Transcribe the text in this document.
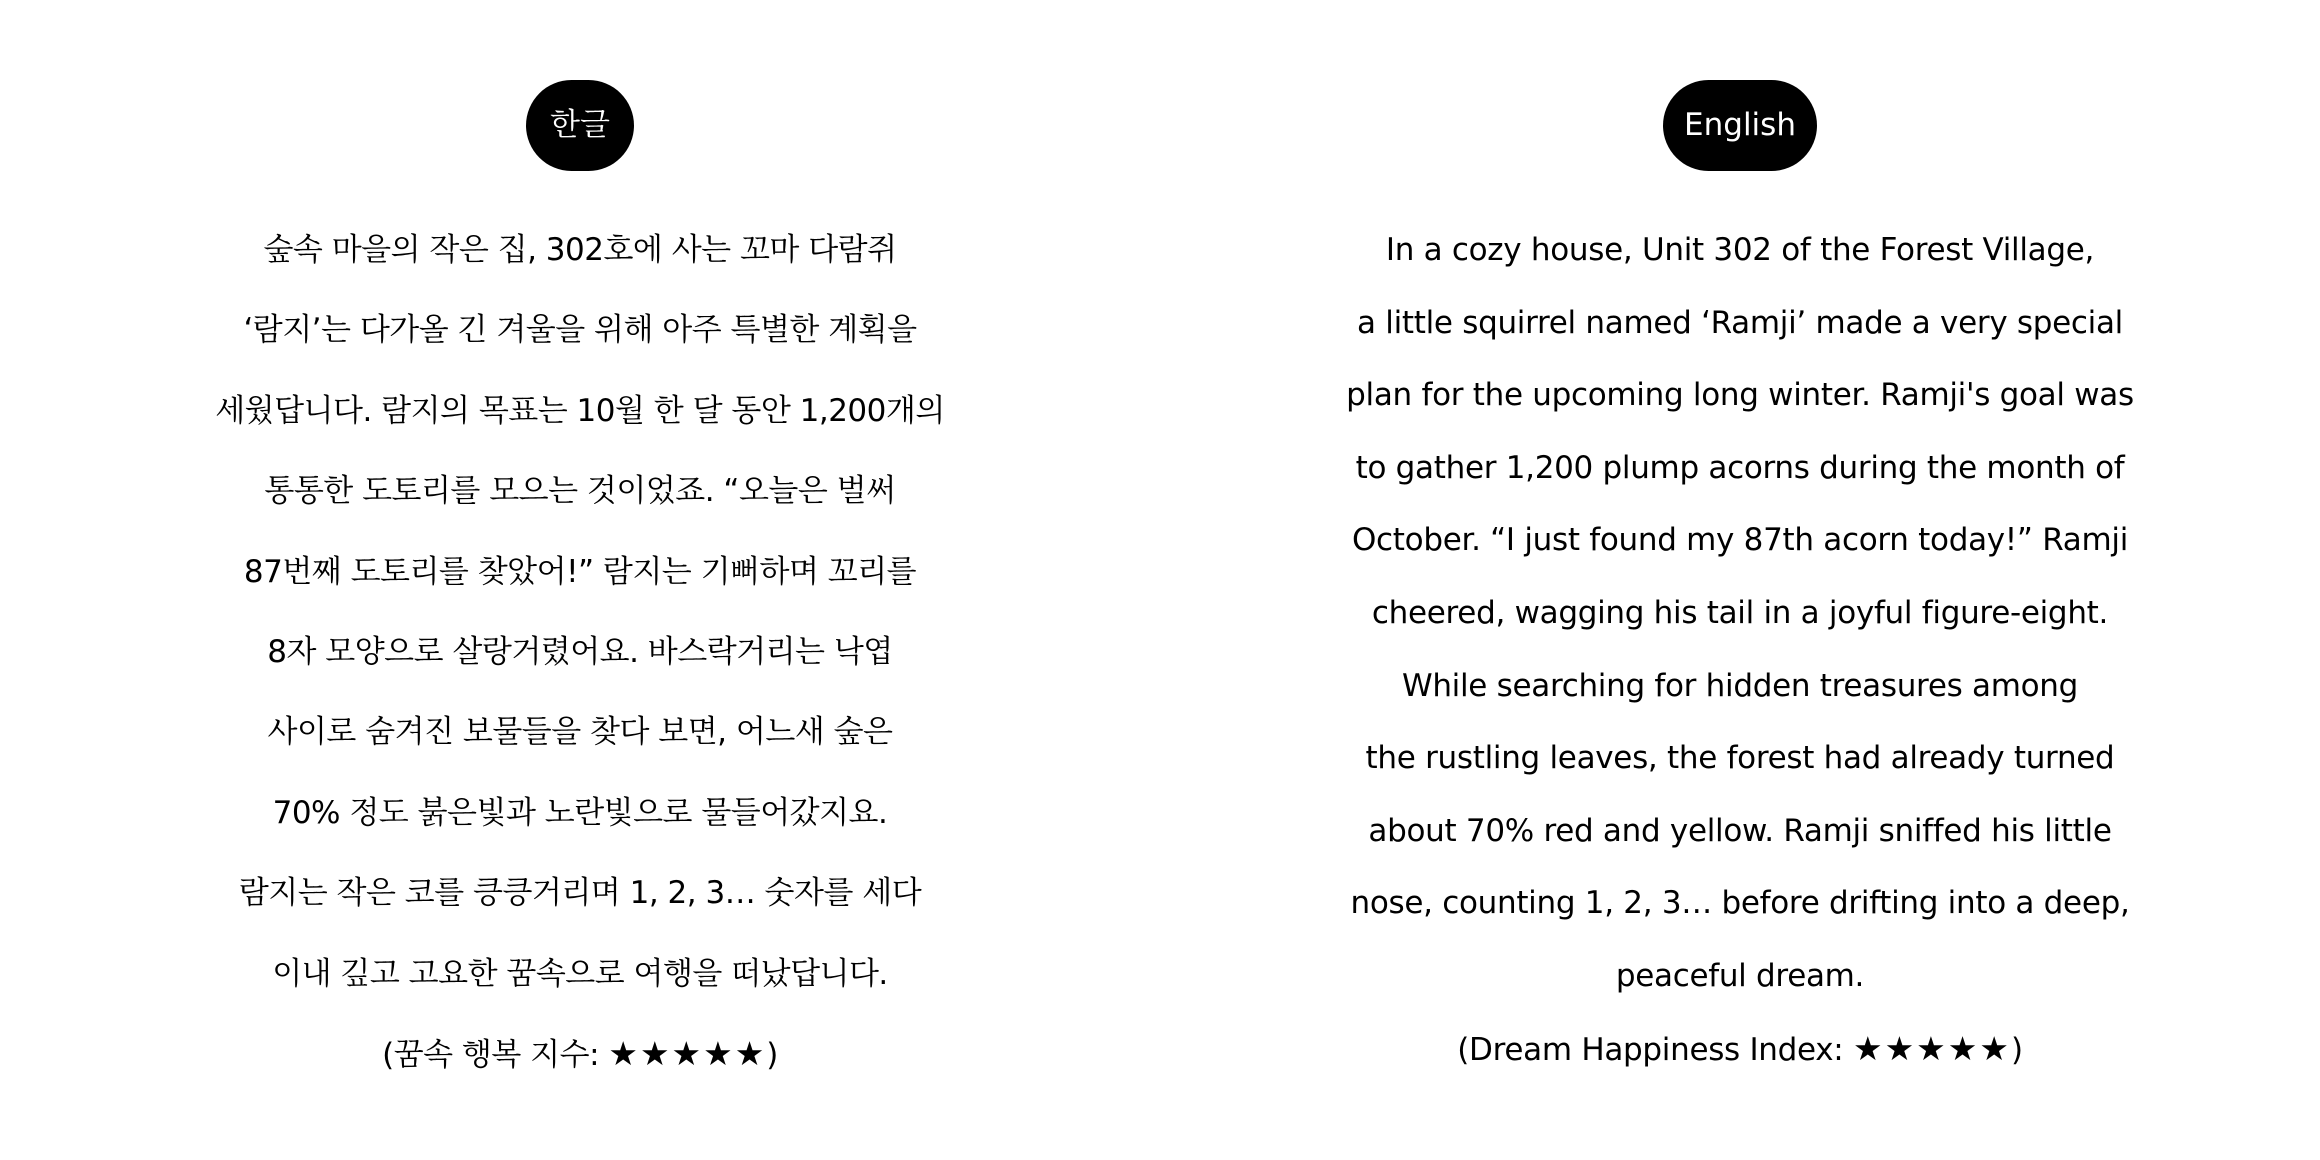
한글
숲속 마을의 작은 집, 302호에 사는 꼬마 다람쥐
‘람지’는 다가올 긴 겨울을 위해 아주 특별한 계획을
세웠답니다. 람지의 목표는 10월 한 달 동안 1,200개의
통통한 도토리를 모으는 것이었죠. “오늘은 벌써
87번째 도토리를 찾았어!” 람지는 기뻐하며 꼬리를
8자 모양으로 살랑거렸어요. 바스락거리는 낙엽
사이로 숨겨진 보물들을 찾다 보면, 어느새 숲은
70% 정도 붉은빛과 노란빛으로 물들어갔지요.
람지는 작은 코를 킁킁거리며 1, 2, 3… 숫자를 세다
이내 깊고 고요한 꿈속으로 여행을 떠났답니다.
(꿈속 행복 지수: ★★★★★)
English
In a cozy house, Unit 302 of the Forest Village,
a little squirrel named ‘Ramji’ made a very special
plan for the upcoming long winter. Ramji's goal was
to gather 1,200 plump acorns during the month of
October. “I just found my 87th acorn today!” Ramji
cheered, wagging his tail in a joyful figure-eight.
While searching for hidden treasures among
the rustling leaves, the forest had already turned
about 70% red and yellow. Ramji sniffed his little
nose, counting 1, 2, 3… before drifting into a deep,
peaceful dream.
(Dream Happiness Index: ★★★★★)
